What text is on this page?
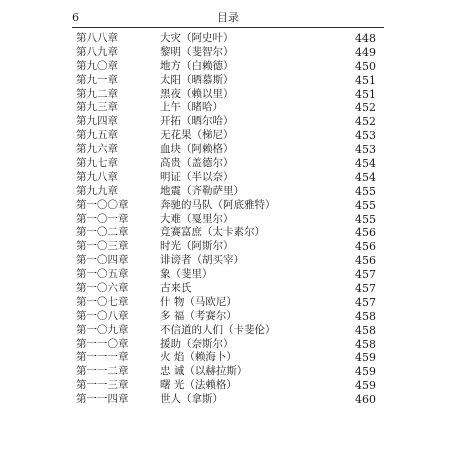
6	目录
第八八章	大灾（阿史叶）	448
第八九章	黎明（斐智尔）	449
第九〇章	地方（白赖德）	450
第九一章	太阳（晒慕斯）	451
第九二章	黑夜（赖以里）	451
第九三章	上午（睹哈）	452
第九四章	开拓（晒尔哈）	452
第九五章	无花果（梯尼）	453
第九六章	血块（阿赖格）	453
第九七章	高贵（盖德尔）	454
第九八章	明证（半以奈）	454
第九九章	地震（齐勒萨里）	455
第一〇〇章	奔驰的马队（阿底雅特）	455
第一〇一章	大难（戛里尔）	455
第一〇二章	竞赛富庶（太卡素尔）	456
第一〇三章	时光（阿斯尔）	456
第一〇四章	诽谤者（胡买宰）	456
第一〇五章	象（斐里）	457
第一〇六章	古来氏	457
第一〇七章	什 物（马欧尼）	457
第一〇八章	多 福（考赛尔）	458
第一〇九章	不信道的人们（卡斐伦）	458
第一一〇章	援助（奈斯尔）	458
第一一一章	火 焰（赖海卜）	459
第一一二章	忠 诚（以赫拉斯）	459
第一一三章	曙 光（法赖格）	459
第一一四章	世人（拿斯）	460
